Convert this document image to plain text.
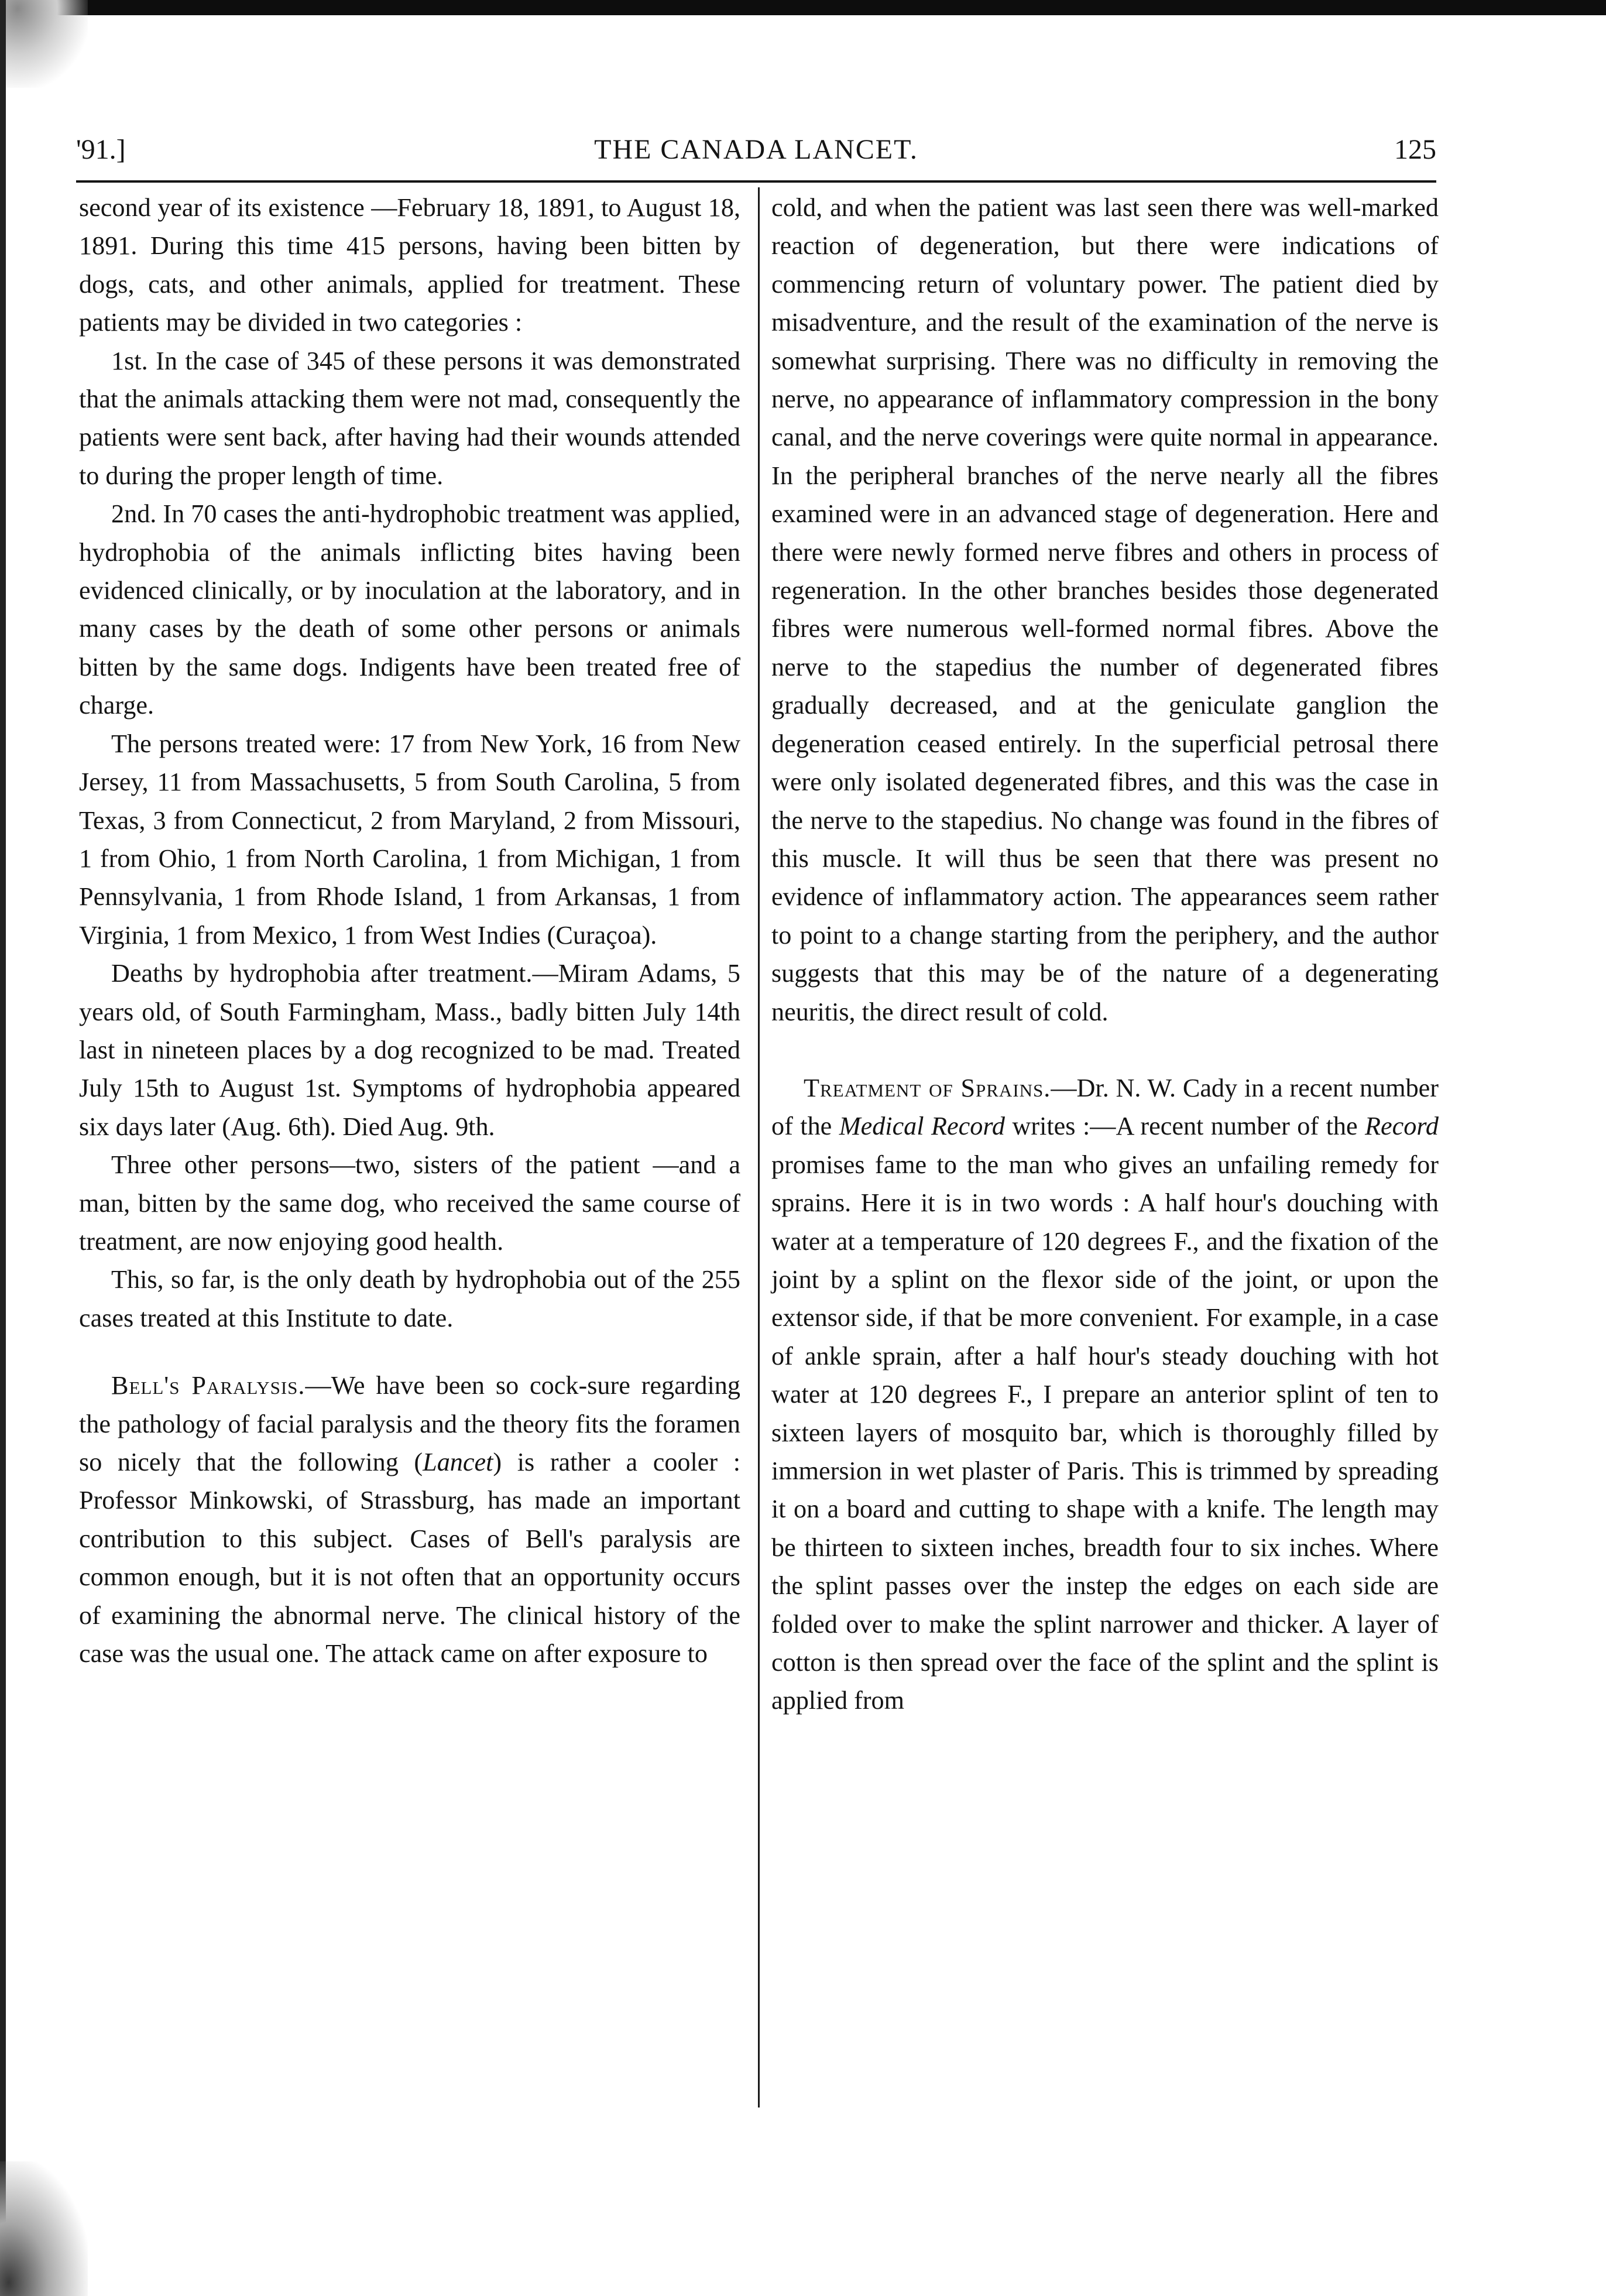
'91.]	THE CANADA LANCET.	125

second year of its existence —February 18, 1891, to August 18, 1891. During this time 415 persons, having been bitten by dogs, cats, and other animals, applied for treatment. These patients may be divided in two categories :

1st. In the case of 345 of these persons it was demonstrated that the animals attacking them were not mad, consequently the patients were sent back, after having had their wounds attended to during the proper length of time.

2nd. In 70 cases the anti-hydrophobic treatment was applied, hydrophobia of the animals inflicting bites having been evidenced clinically, or by inoculation at the laboratory, and in many cases by the death of some other persons or animals bitten by the same dogs. Indigents have been treated free of charge.

The persons treated were: 17 from New York, 16 from New Jersey, 11 from Massachusetts, 5 from South Carolina, 5 from Texas, 3 from Connecticut, 2 from Maryland, 2 from Missouri, 1 from Ohio, 1 from North Carolina, 1 from Michigan, 1 from Pennsylvania, 1 from Rhode Island, 1 from Arkansas, 1 from Virginia, 1 from Mexico, 1 from West Indies (Curaçoa).

Deaths by hydrophobia after treatment.—Miram Adams, 5 years old, of South Farmingham, Mass., badly bitten July 14th last in nineteen places by a dog recognized to be mad. Treated July 15th to August 1st. Symptoms of hydrophobia appeared six days later (Aug. 6th). Died Aug. 9th.

Three other persons—two, sisters of the patient —and a man, bitten by the same dog, who received the same course of treatment, are now enjoying good health.

This, so far, is the only death by hydrophobia out of the 255 cases treated at this Institute to date.

Bell's Paralysis.—We have been so cock-sure regarding the pathology of facial paralysis and the theory fits the foramen so nicely that the following (Lancet) is rather a cooler : Professor Minkowski, of Strassburg, has made an important contribution to this subject. Cases of Bell's paralysis are common enough, but it is not often that an opportunity occurs of examining the abnormal nerve. The clinical history of the case was the usual one. The attack came on after exposure to

cold, and when the patient was last seen there was well-marked reaction of degeneration, but there were indications of commencing return of voluntary power. The patient died by misadventure, and the result of the examination of the nerve is somewhat surprising. There was no difficulty in removing the nerve, no appearance of inflammatory compression in the bony canal, and the nerve coverings were quite normal in appearance. In the peripheral branches of the nerve nearly all the fibres examined were in an advanced stage of degeneration. Here and there were newly formed nerve fibres and others in process of regeneration. In the other branches besides those degenerated fibres were numerous well-formed normal fibres. Above the nerve to the stapedius the number of degenerated fibres gradually decreased, and at the geniculate ganglion the degeneration ceased entirely. In the superficial petrosal there were only isolated degenerated fibres, and this was the case in the nerve to the stapedius. No change was found in the fibres of this muscle. It will thus be seen that there was present no evidence of inflammatory action. The appearances seem rather to point to a change starting from the periphery, and the author suggests that this may be of the nature of a degenerating neuritis, the direct result of cold.

Treatment of Sprains.—Dr. N. W. Cady in a recent number of the Medical Record writes :—A recent number of the Record promises fame to the man who gives an unfailing remedy for sprains. Here it is in two words : A half hour's douching with water at a temperature of 120 degrees F., and the fixation of the joint by a splint on the flexor side of the joint, or upon the extensor side, if that be more convenient. For example, in a case of ankle sprain, after a half hour's steady douching with hot water at 120 degrees F., I prepare an anterior splint of ten to sixteen layers of mosquito bar, which is thoroughly filled by immersion in wet plaster of Paris. This is trimmed by spreading it on a board and cutting to shape with a knife. The length may be thirteen to sixteen inches, breadth four to six inches. Where the splint passes over the instep the edges on each side are folded over to make the splint narrower and thicker. A layer of cotton is then spread over the face of the splint and the splint is applied from
